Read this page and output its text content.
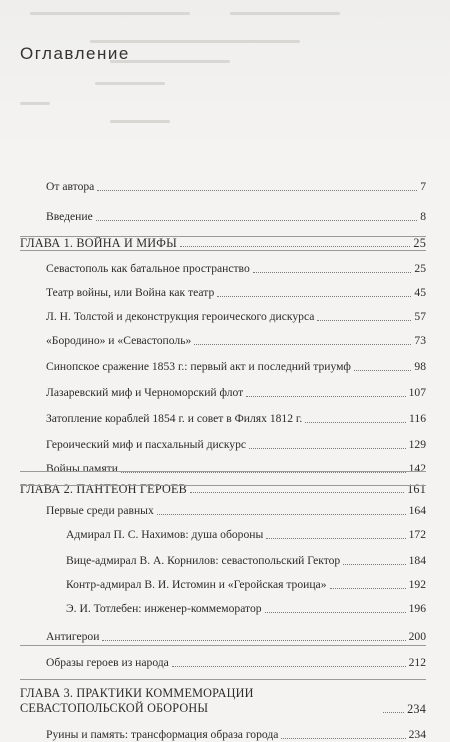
Оглавление
От автора	7
Введение	8
ГЛАВА 1. ВОЙНА И МИФЫ	25
Севастополь как батальное пространство	25
Театр войны, или Война как театр	45
Л. Н. Толстой и деконструкция героического дискурса	57
«Бородино» и «Севастополь»	73
Синопское сражение 1853 г.: первый акт и последний триумф	98
Лазаревский миф и Черноморский флот	107
Затопление кораблей 1854 г. и совет в Филях 1812 г.	116
Героический миф и пасхальный дискурс	129
Войны памяти	142
ГЛАВА 2. ПАНТЕОН ГЕРОЕВ	161
Первые среди равных	164
Адмирал П. С. Нахимов: душа обороны	172
Вице-адмирал В. А. Корнилов: севастопольский Гектор	184
Контр-адмирал В. И. Истомин и «Геройская троица»	192
Э. И. Тотлебен: инженер-коммеморатор	196
Антигерои	200
Образы героев из народа	212
ГЛАВА 3. ПРАКТИКИ КОММЕМОРАЦИИ СЕВАСТОПОЛЬСКОЙ ОБОРОНЫ	234
Руины и память: трансформация образа города	234
